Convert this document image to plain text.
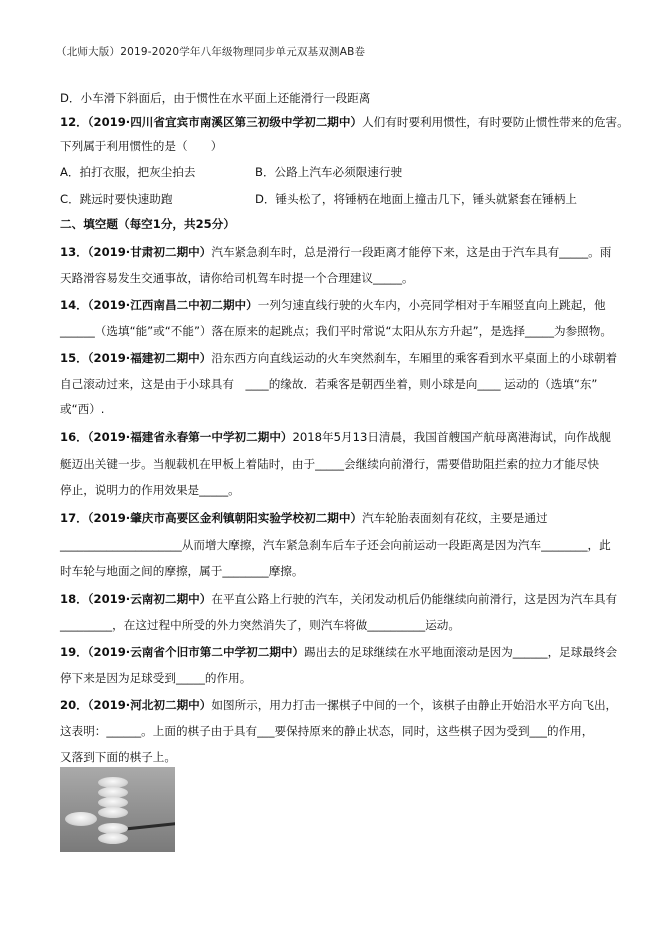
（北师大版）2019-2020学年八年级物理同步单元双基双测AB卷
D．小车滑下斜面后，由于惯性在水平面上还能滑行一段距离
12．（2019·四川省宜宾市南溪区第三初级中学初二期中）人们有时要利用惯性，有时要防止惯性带来的危害。
下列属于利用惯性的是（　　）
A．拍打衣服，把灰尘拍去	B．公路上汽车必须限速行驶
C．跳远时要快速助跑	D．锤头松了，将锤柄在地面上撞击几下，锤头就紧套在锤柄上
二、填空题（每空1分，共25分）
13．（2019·甘肃初二期中）汽车紧急刹车时，总是滑行一段距离才能停下来，这是由于汽车具有_____。雨
天路滑容易发生交通事故，请你给司机驾车时提一个合理建议_____。
14．（2019·江西南昌二中初二期中）一列匀速直线行驶的火车内，小亮同学相对于车厢竖直向上跳起，他
______（选填“能”或“不能”）落在原来的起跳点；我们平时常说“太阳从东方升起”，是选择_____为参照物。
15．（2019·福建初二期中）沿东西方向直线运动的火车突然刹车，车厢里的乘客看到水平桌面上的小球朝着
自己滚动过来，这是由于小球具有　____的缘故．若乘客是朝西坐着，则小球是向____ 运动的（选填“东”
或“西）.
16．（2019·福建省永春第一中学初二期中）2018年5月13日清晨，我国首艘国产航母离港海试，向作战舰
艇迈出关键一步。当舰载机在甲板上着陆时，由于_____会继续向前滑行，需要借助阻拦索的拉力才能尽快
停止，说明力的作用效果是_____。
17．（2019·肇庆市高要区金利镇朝阳实验学校初二期中）汽车轮胎表面刻有花纹，主要是通过
_____________________从而增大摩擦，汽车紧急刹车后车子还会向前运动一段距离是因为汽车________，此
时车轮与地面之间的摩擦，属于________摩擦。
18．（2019·云南初二期中）在平直公路上行驶的汽车，关闭发动机后仍能继续向前滑行，这是因为汽车具有
_________，在这过程中所受的外力突然消失了，则汽车将做__________运动。
19．（2019·云南省个旧市第二中学初二期中）踢出去的足球继续在水平地面滚动是因为______，足球最终会
停下来是因为足球受到_____的作用。
20．（2019·河北初二期中）如图所示，用力打击一摞棋子中间的一个，该棋子由静止开始沿水平方向飞出，
这表明：______。上面的棋子由于具有___要保持原来的静止状态，同时，这些棋子因为受到___的作用，
又落到下面的棋子上。
